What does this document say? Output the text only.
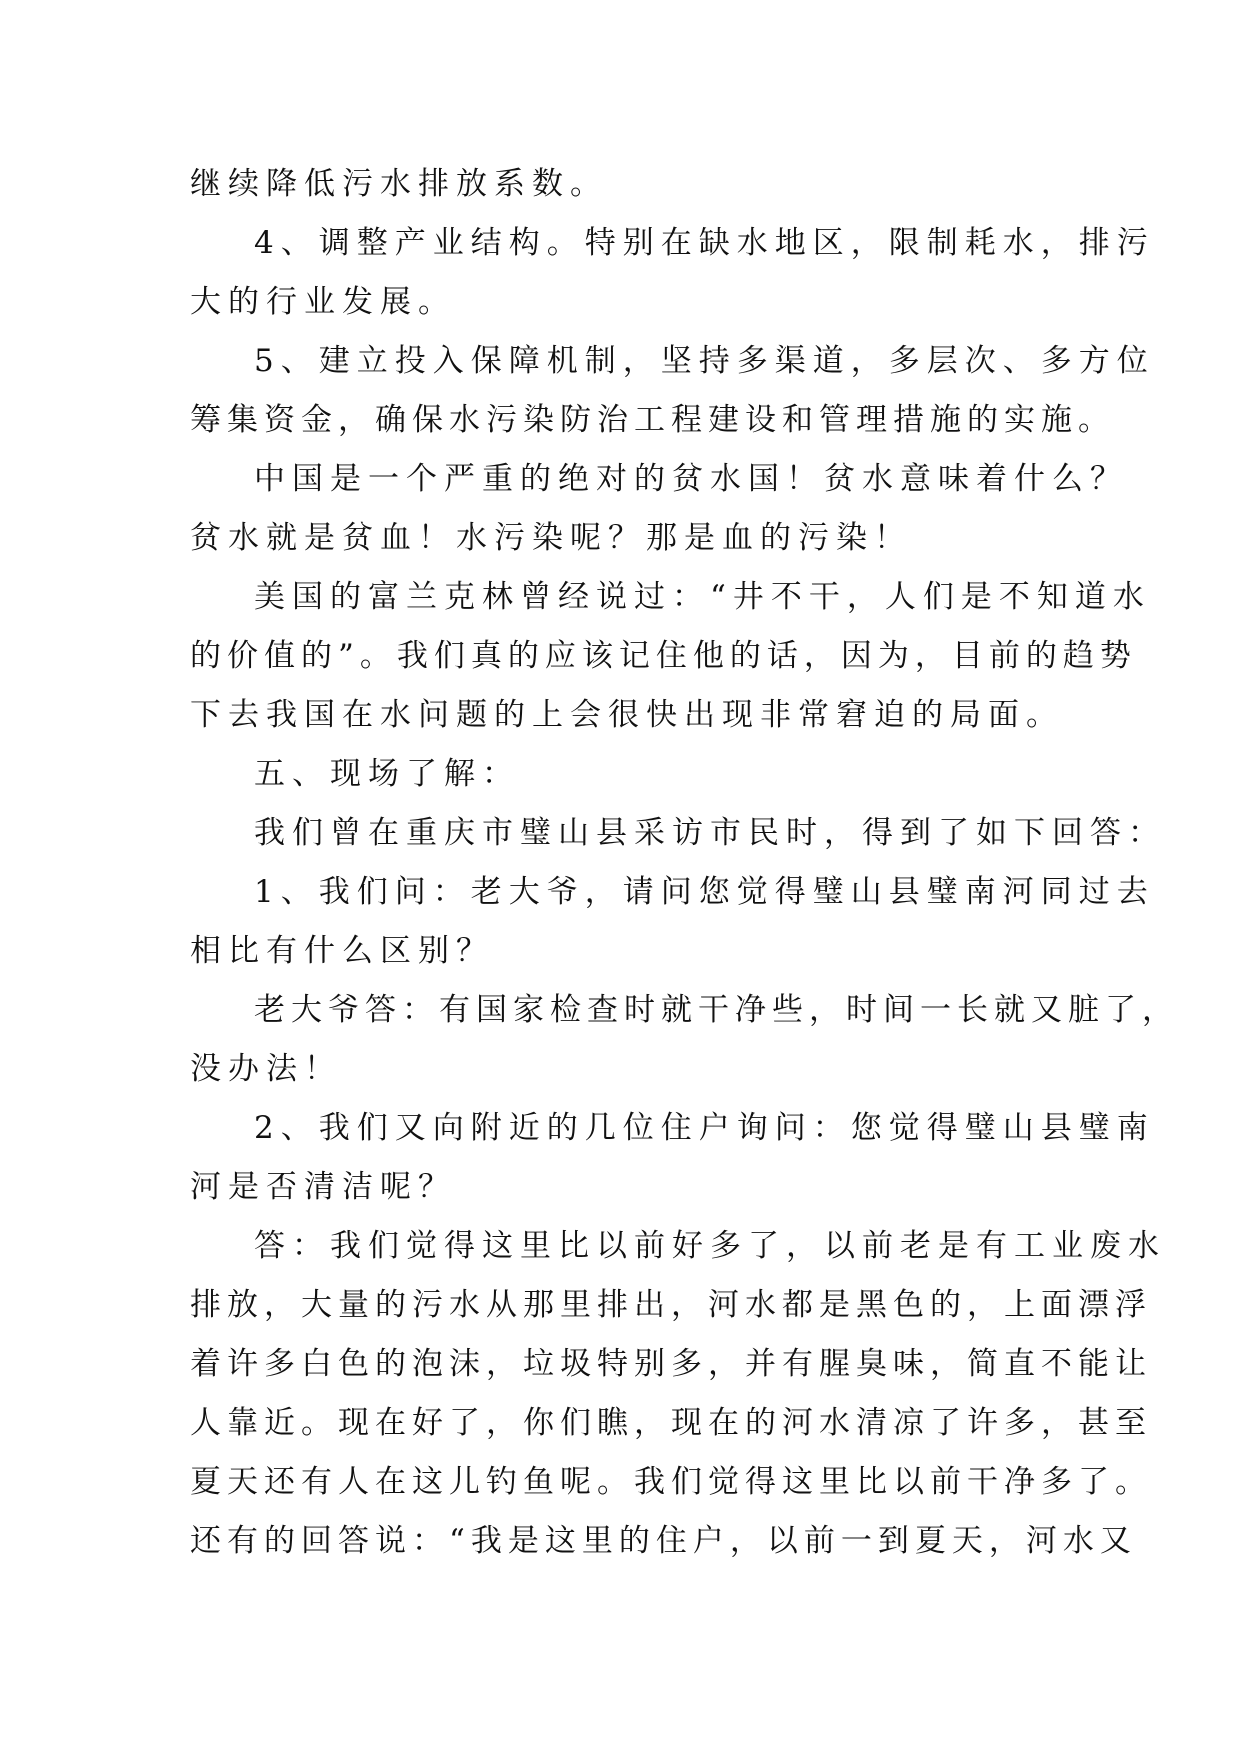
继续降低污水排放系数。
4、调整产业结构。特别在缺水地区，限制耗水，排污
大的行业发展。
5、建立投入保障机制，坚持多渠道，多层次、多方位
筹集资金，确保水污染防治工程建设和管理措施的实施。
中国是一个严重的绝对的贫水国！贫水意味着什么？
贫水就是贫血！水污染呢？那是血的污染！
美国的富兰克林曾经说过：“井不干，人们是不知道水
的价值的”。我们真的应该记住他的话，因为，目前的趋势
下去我国在水问题的上会很快出现非常窘迫的局面。
五、现场了解：
我们曾在重庆市璧山县采访市民时，得到了如下回答：
1、我们问：老大爷，请问您觉得璧山县璧南河同过去
相比有什么区别？
老大爷答：有国家检查时就干净些，时间一长就又脏了，
没办法！
2、我们又向附近的几位住户询问：您觉得璧山县璧南
河是否清洁呢？
答：我们觉得这里比以前好多了，以前老是有工业废水
排放，大量的污水从那里排出，河水都是黑色的，上面漂浮
着许多白色的泡沫，垃圾特别多，并有腥臭味，简直不能让
人靠近。现在好了，你们瞧，现在的河水清凉了许多，甚至
夏天还有人在这儿钓鱼呢。我们觉得这里比以前干净多了。
还有的回答说：“我是这里的住户，以前一到夏天，河水又
